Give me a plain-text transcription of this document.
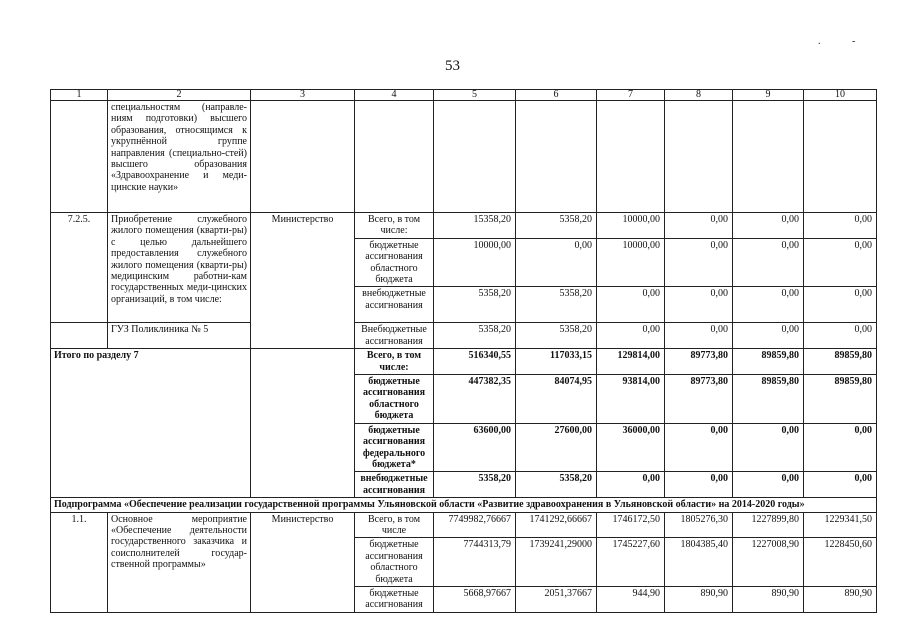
53
.	-
1	2	3	4	5	6	7	8	9	10
	специальностям (направле-ниям подготовки) высшего образования, относящимся к укрупнённой группе направления (специально-стей) высшего образования «Здравоохранение и меди-цинские науки»								
7.2.5.	Приобретение служебного жилого помещения (кварти-ры) с целью дальнейшего предоставления служебного жилого помещения (кварти-ры) медицинским работни-кам государственных меди-цинских организаций, в том числе:	Министерство	Всего, в том числе:	15358,20	5358,20	10000,00	0,00	0,00	0,00
			бюджетные ассигнования областного бюджета	10000,00	0,00	10000,00	0,00	0,00	0,00
			внебюджетные ассигнования	5358,20	5358,20	0,00	0,00	0,00	0,00
	ГУЗ Поликлиника № 5		Внебюджетные ассигнования	5358,20	5358,20	0,00	0,00	0,00	0,00
Итого по разделу 7			Всего, в том числе:	516340,55	117033,15	129814,00	89773,80	89859,80	89859,80
			бюджетные ассигнования областного бюджета	447382,35	84074,95	93814,00	89773,80	89859,80	89859,80
			бюджетные ассигнования федерального бюджета*	63600,00	27600,00	36000,00	0,00	0,00	0,00
			внебюджетные ассигнования	5358,20	5358,20	0,00	0,00	0,00	0,00
Подпрограмма «Обеспечение реализации государственной программы Ульяновской области «Развитие здравоохранения в Ульяновской области» на 2014-2020 годы»									
1.1.	Основное мероприятие «Обеспечение деятельности государственного заказчика и соисполнителей государ-ственной программы»	Министерство	Всего, в том числе	7749982,76667	1741292,66667	1746172,50	1805276,30	1227899,80	1229341,50
			бюджетные ассигнования областного бюджета	7744313,79	1739241,29000	1745227,60	1804385,40	1227008,90	1228450,60
			бюджетные ассигнования	5668,97667	2051,37667	944,90	890,90	890,90	890,90
